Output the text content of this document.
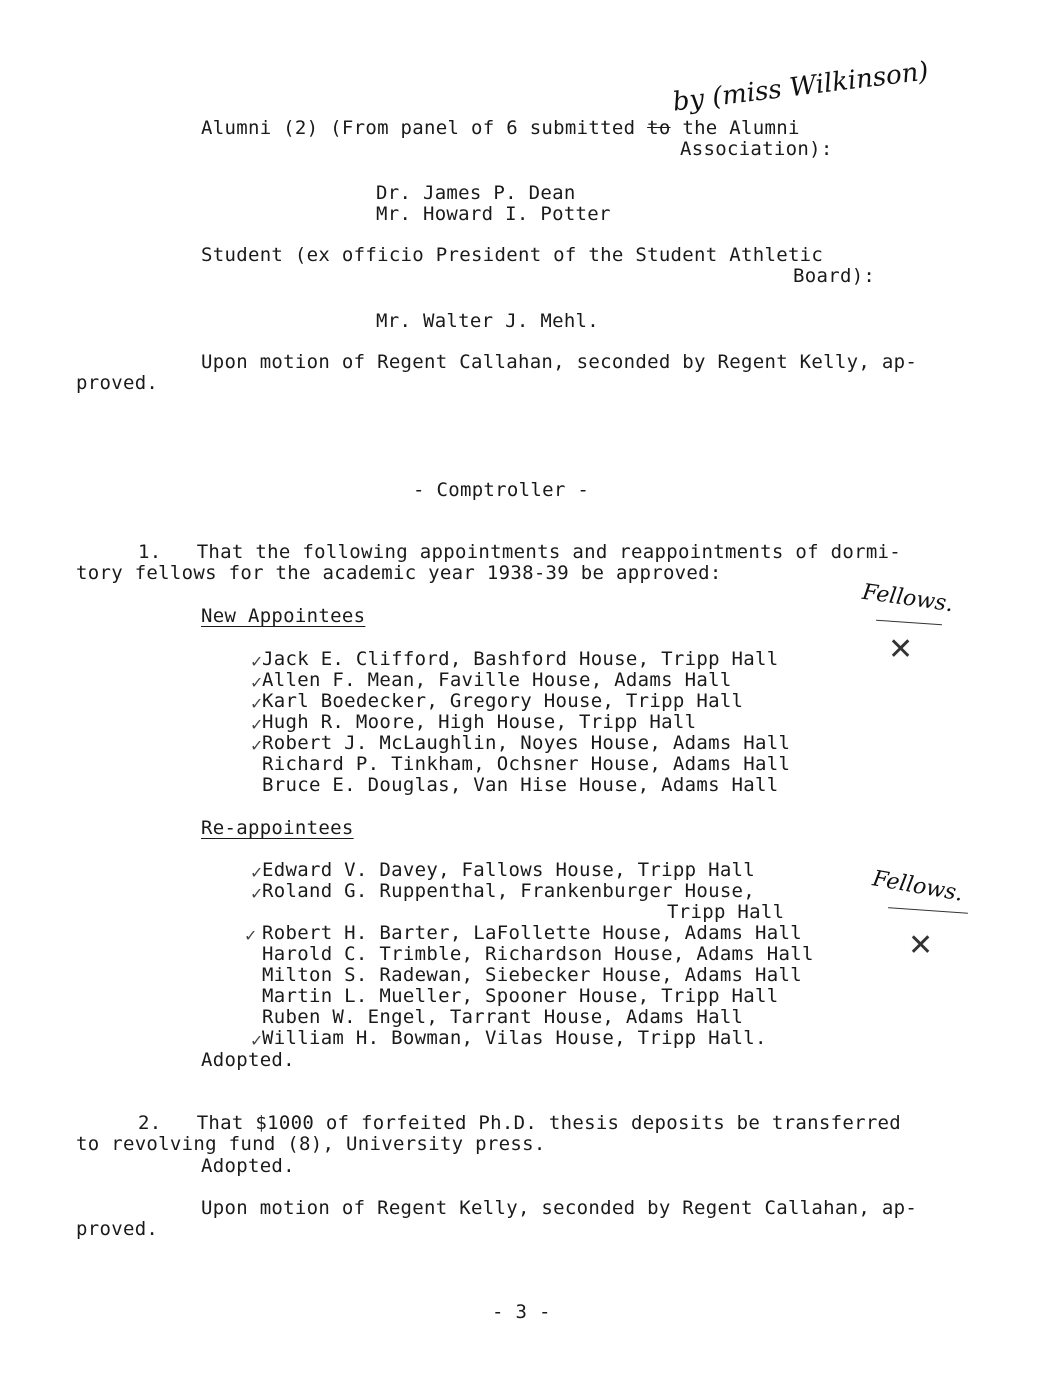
Alumni (2) (From panel of 6 submitted to the Alumni
by (miss Wilkinson)
Association):
Dr. James P. Dean
Mr. Howard I. Potter
Student (ex officio President of the Student Athletic
Board):
Mr. Walter J. Mehl.
Upon motion of Regent Callahan, seconded by Regent Kelly, ap-
proved.
- Comptroller -
1.   That the following appointments and reappointments of dormi-
tory fellows for the academic year 1938-39 be approved:
New Appointees
Jack E. Clifford, Bashford House, Tripp Hall
Allen F. Mean, Faville House, Adams Hall
Karl Boedecker, Gregory House, Tripp Hall
Hugh R. Moore, High House, Tripp Hall
Robert J. McLaughlin, Noyes House, Adams Hall
Richard P. Tinkham, Ochsner House, Adams Hall
Bruce E. Douglas, Van Hise House, Adams Hall
✓
✓
✓
✓
✓
Fellows.
✕
Re-appointees
Edward V. Davey, Fallows House, Tripp Hall
Roland G. Ruppenthal, Frankenburger House,
Tripp Hall
Robert H. Barter, LaFollette House, Adams Hall
Harold C. Trimble, Richardson House, Adams Hall
Milton S. Radewan, Siebecker House, Adams Hall
Martin L. Mueller, Spooner House, Tripp Hall
Ruben W. Engel, Tarrant House, Adams Hall
William H. Bowman, Vilas House, Tripp Hall.
✓
✓
✓
✓
Fellows.
✕
Adopted.
2.   That $1000 of forfeited Ph.D. thesis deposits be transferred
to revolving fund (8), University press.
Adopted.
Upon motion of Regent Kelly, seconded by Regent Callahan, ap-
proved.
- 3 -
